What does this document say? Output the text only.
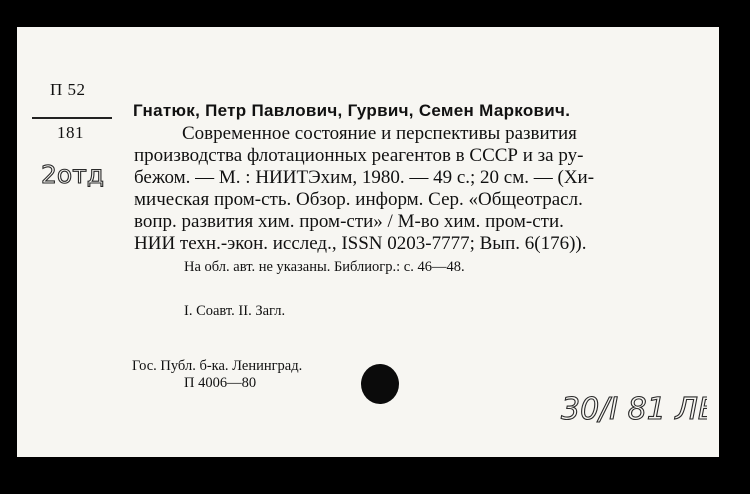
П 52
181
2отд
Гнатюк, Петр Павлович, Гурвич, Семен Маркович.
Современное состояние и перспективы развития
производства флотационных реагентов в СССР и за ру-
бежом. — М. : НИИТЭхим, 1980. — 49 с.; 20 см. — (Хи-
мическая пром-сть. Обзор. информ. Сер. «Общеотрасл.
вопр. развития хим. пром-сти» / М-во хим. пром-сти.
НИИ техн.-экон. исслед., ISSN 0203-7777; Вып. 6(176)).
На обл. авт. не указаны. Библиогр.: с. 46—48.
I. Соавт. II. Загл.
Гос. Публ. б-ка. Ленинград.
П 4006—80
30/I 81 ЛБ
